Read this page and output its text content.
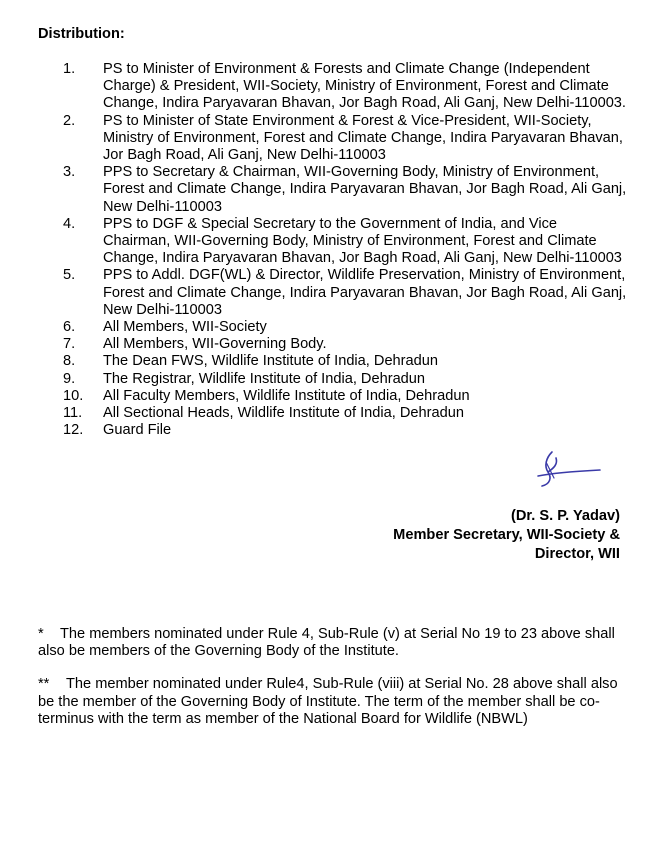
Distribution:
1.	PS to Minister of Environment & Forests and Climate Change (Independent Charge) & President, WII-Society, Ministry of Environment, Forest and Climate Change, Indira Paryavaran Bhavan, Jor Bagh Road, Ali Ganj, New Delhi-110003.
2.	PS to Minister of State Environment & Forest & Vice-President, WII-Society, Ministry of Environment, Forest and Climate Change, Indira Paryavaran Bhavan, Jor Bagh Road, Ali Ganj, New Delhi-110003
3.	PPS to Secretary & Chairman, WII-Governing Body, Ministry of Environment, Forest and Climate Change, Indira Paryavaran Bhavan, Jor Bagh Road, Ali Ganj, New Delhi-110003
4.	PPS to DGF & Special Secretary to the Government of India, and Vice Chairman, WII-Governing Body, Ministry of Environment, Forest and Climate Change, Indira Paryavaran Bhavan, Jor Bagh Road, Ali Ganj, New Delhi-110003
5.	PPS to Addl. DGF(WL) & Director, Wildlife Preservation, Ministry of Environment, Forest and Climate Change, Indira Paryavaran Bhavan, Jor Bagh Road, Ali Ganj, New Delhi-110003
6.	All Members, WII-Society
7.	All Members, WII-Governing Body.
8.	The Dean FWS, Wildlife Institute of India, Dehradun
9.	The Registrar, Wildlife Institute of India, Dehradun
10.	All Faculty Members, Wildlife Institute of India, Dehradun
11.	All Sectional Heads, Wildlife Institute of India, Dehradun
12.	Guard File
(Dr. S. P. Yadav)
Member Secretary, WII-Society &
Director, WII

* The members nominated under Rule 4, Sub-Rule (v) at Serial No 19 to 23 above shall also be members of the Governing Body of the Institute.

** The member nominated under Rule4, Sub-Rule (viii) at Serial No. 28 above shall also be the member of the Governing Body of Institute. The term of the member shall be co-terminus with the term as member of the National Board for Wildlife (NBWL)
